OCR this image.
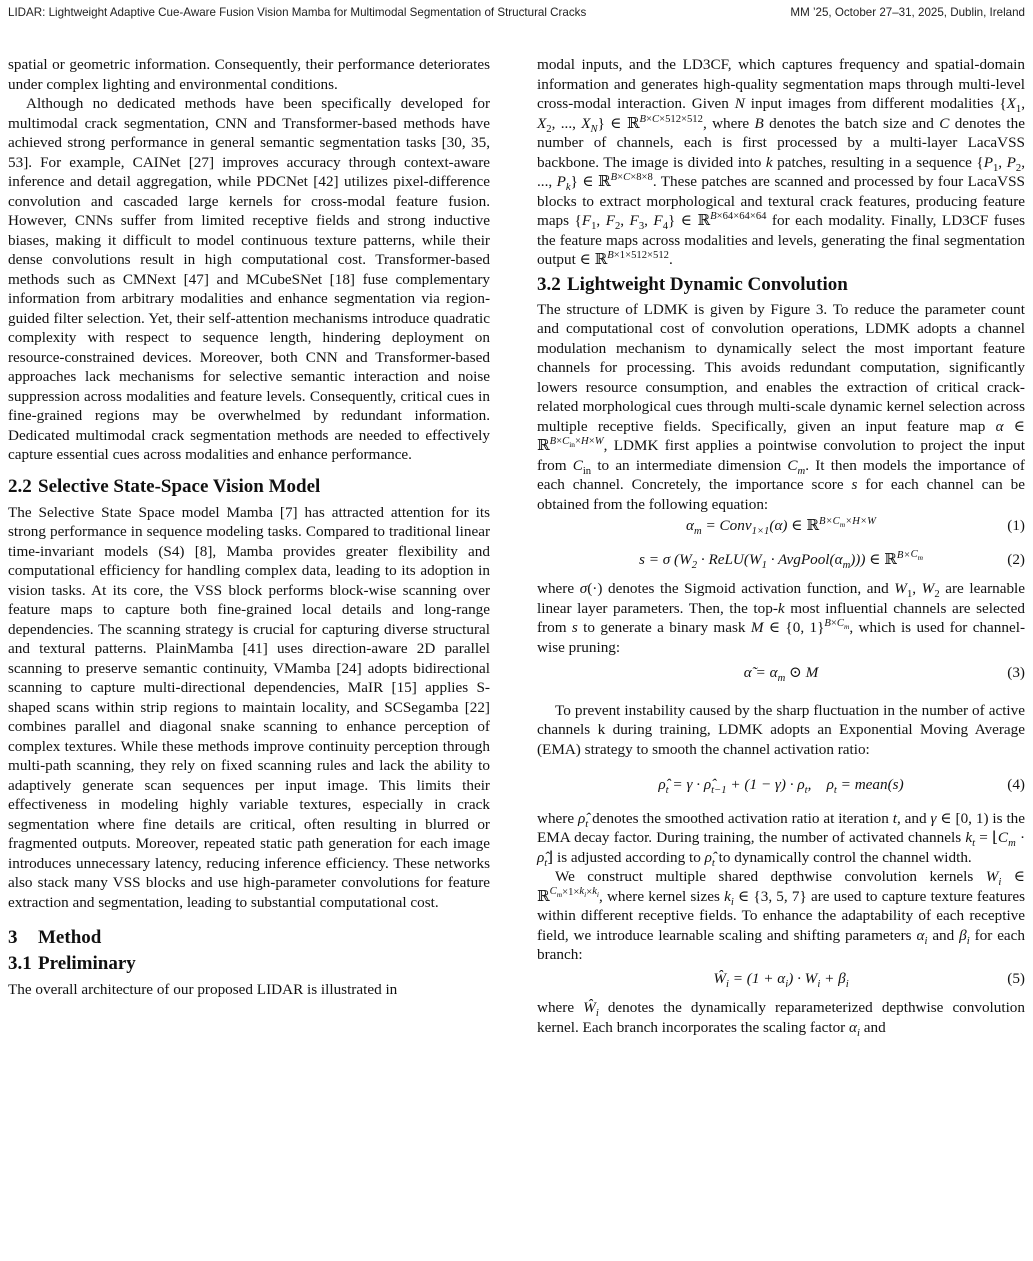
LIDAR: Lightweight Adaptive Cue-Aware Fusion Vision Mamba for Multimodal Segmentation of Structural Cracks	MM ’25, October 27–31, 2025, Dublin, Ireland

spatial or geometric information. Consequently, their performance deteriorates under complex lighting and environmental conditions.

Although no dedicated methods have been specifically developed for multimodal crack segmentation, CNN and Transformer-based methods have achieved strong performance in general semantic segmentation tasks [30, 35, 53]. For example, CAINet [27] improves accuracy through context-aware inference and detail aggregation, while PDCNet [42] utilizes pixel-difference convolution and cascaded large kernels for cross-modal feature fusion. However, CNNs suffer from limited receptive fields and strong inductive biases, making it difficult to model continuous texture patterns, while their dense convolutions result in high computational cost. Transformer-based methods such as CMNext [47] and MCubeSNet [18] fuse complementary information from arbitrary modalities and enhance segmentation via region-guided filter selection. Yet, their self-attention mechanisms introduce quadratic complexity with respect to sequence length, hindering deployment on resource-constrained devices. Moreover, both CNN and Transformer-based approaches lack mechanisms for selective semantic interaction and noise suppression across modalities and feature levels. Consequently, critical cues in fine-grained regions may be overwhelmed by redundant information. Dedicated multimodal crack segmentation methods are needed to effectively capture essential cues across modalities and enhance performance.

2.2 Selective State-Space Vision Model

The Selective State Space model Mamba [7] has attracted attention for its strong performance in sequence modeling tasks. Compared to traditional linear time-invariant models (S4) [8], Mamba provides greater flexibility and computational efficiency for handling complex data, leading to its adoption in vision tasks. At its core, the VSS block performs block-wise scanning over feature maps to capture both fine-grained local details and long-range dependencies. The scanning strategy is crucial for capturing diverse structural and textural patterns. PlainMamba [41] uses direction-aware 2D parallel scanning to preserve semantic continuity, VMamba [24] adopts bidirectional scanning to capture multi-directional dependencies, MaIR [15] applies S-shaped scans within strip regions to maintain locality, and SCSegamba [22] combines parallel and diagonal snake scanning to enhance perception of complex textures. While these methods improve continuity perception through multi-path scanning, they rely on fixed scanning rules and lack the ability to adaptively generate scan sequences per input image. This limits their effectiveness in modeling highly variable textures, especially in crack segmentation where fine details are critical, often resulting in blurred or fragmented outputs. Moreover, repeated static path generation for each image introduces unnecessary latency, reducing inference efficiency. These networks also stack many VSS blocks and use high-parameter convolutions for feature extraction and segmentation, leading to substantial computational cost.

3 Method
3.1 Preliminary

The overall architecture of our proposed LIDAR is illustrated in

modal inputs, and the LD3CF, which captures frequency and spatial-domain information and generates high-quality segmentation maps through multi-level cross-modal interaction. Given N input images from different modalities {$X_1$, $X_2$, ..., $X_N$} ∈ ℝ$^{B\times C\times 512\times 512}$, where B denotes the batch size and C denotes the number of channels, each is first processed by a multi-layer LacaVSS backbone. The image is divided into k patches, resulting in a sequence {$P_1$, $P_2$, ..., $P_k$} ∈ ℝ$^{B\times C\times 8\times 8}$. These patches are scanned and processed by four LacaVSS blocks to extract morphological and textural crack features, producing feature maps {$F_1$, $F_2$, $F_3$, $F_4$} ∈ ℝ$^{B\times 64\times 64\times 64}$ for each modality. Finally, LD3CF fuses the feature maps across modalities and levels, generating the final segmentation output ∈ ℝ$^{B\times 1\times 512\times 512}$.

3.2 Lightweight Dynamic Convolution

The structure of LDMK is given by Figure 3. To reduce the parameter count and computational cost of convolution operations, LDMK adopts a channel modulation mechanism to dynamically select the most important feature channels for processing. This avoids redundant computation, significantly lowers resource consumption, and enables the extraction of critical crack-related morphological cues through multi-scale dynamic kernel selection across multiple receptive fields. Specifically, given an input feature map α ∈ ℝ$^{B\times C_{in}\times H\times W}$, LDMK first applies a pointwise convolution to project the input from $C_{in}$ to an intermediate dimension $C_m$. It then models the importance of each channel. Concretely, the importance score s for each channel can be obtained from the following equation:

$\alpha_m$ = Conv$_{1\times 1}$(α) ∈ ℝ$^{B\times C_m\times H\times W}$	(1)
s = σ ($W_2$ · $ReLU(W_1$ · $AvgPool(\alpha_m)$)) ∈ ℝ$^{B\times C_m}$	(2)

where σ(·) denotes the Sigmoid activation function, and $W_1$, $W_2$ are learnable linear layer parameters. Then, the top-k most influential channels are selected from s to generate a binary mask M ∈ {0, 1}$^{B\times C_m}$, which is used for channel-wise pruning:

α̃ = $\alpha_m$ ⊙ M	(3)

To prevent instability caused by the sharp fluctuation in the number of active channels k during training, LDMK adopts an Exponential Moving Average (EMA) strategy to smooth the channel activation ratio:

$\rhô_t = \gamma$ · $\rhô_{t-1} + (1 - \gamma) \cdot \rho_t$,    $\rho_t$ = mean(s)	(4)

where $\rhô_t$ denotes the smoothed activation ratio at iteration t, and γ ∈ [0, 1) is the EMA decay factor. During training, the number of activated channels $k_t$ = $⌊C_m$ · $\rhô_t⌋$ is adjusted according to $\rhô_t$ to dynamically control the channel width.

We construct multiple shared depthwise convolution kernels $W_i$ ∈ ℝ$^{C_m\times 1\times k_i\times k_i}$, where kernel sizes $k_i$ ∈ {3, 5, 7} are used to capture texture features within different receptive fields. To enhance the adaptability of each receptive field, we introduce learnable scaling and shifting parameters $\alpha_i$ and $\beta_i$ for each branch:

$Ŵ_i = (1 + \alpha_i) \cdot W_i + \beta_i$	(5)

where $Ŵ_i$ denotes the dynamically reparameterized depthwise convolution kernel. Each branch incorporates the scaling factor $\alpha_i$ and
